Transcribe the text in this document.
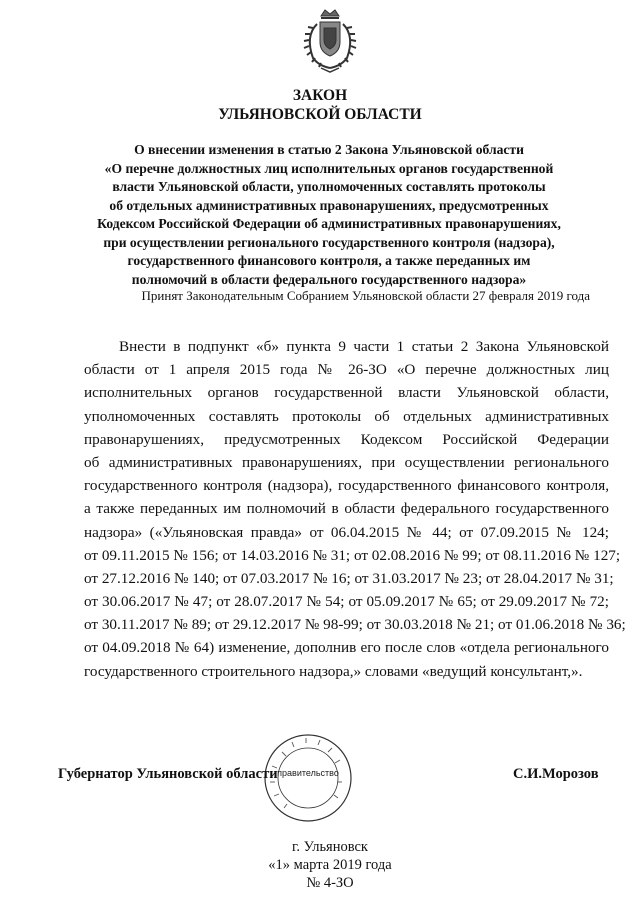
ЗАКОН
УЛЬЯНОВСКОЙ ОБЛАСТИ
О внесении изменения в статью 2 Закона Ульяновской области
«О перечне должностных лиц исполнительных органов государственной
власти Ульяновской области, уполномоченных составлять протоколы
об отдельных административных правонарушениях, предусмотренных
Кодексом Российской Федерации об административных правонарушениях,
при осуществлении регионального государственного контроля (надзора),
государственного финансового контроля, а также переданных им
полномочий в области федерального государственного надзора»
Принят Законодательным Собранием Ульяновской области 27 февраля 2019 года
Внести в подпункт «б» пункта 9 части 1 статьи 2 Закона Ульяновской
области от 1 апреля 2015 года № 26-ЗО «О перечне должностных лиц
исполнительных органов государственной власти Ульяновской области,
уполномоченных составлять протоколы об отдельных административных
правонарушениях, предусмотренных Кодексом Российской Федерации
об административных правонарушениях, при осуществлении регионального
государственного контроля (надзора), государственного финансового контроля,
а также переданных им полномочий в области федерального государственного
надзора» («Ульяновская правда» от 06.04.2015 № 44; от 07.09.2015 № 124;
от 09.11.2015 № 156; от 14.03.2016 № 31; от 02.08.2016 № 99; от 08.11.2016 № 127;
от 27.12.2016 № 140; от 07.03.2017 № 16; от 31.03.2017 № 23; от 28.04.2017 № 31;
от 30.06.2017 № 47; от 28.07.2017 № 54; от 05.09.2017 № 65; от 29.09.2017 № 72;
от 30.11.2017 № 89; от 29.12.2017 № 98-99; от 30.03.2018 № 21; от 01.06.2018 № 36;
от 04.09.2018 № 64) изменение, дополнив его после слов «отдела регионального
государственного строительного надзора,» словами «ведущий консультант,».
правительство
Губернатор Ульяновской области	С.И.Морозов
г. Ульяновск
«1» марта 2019 года
№ 4-ЗО
